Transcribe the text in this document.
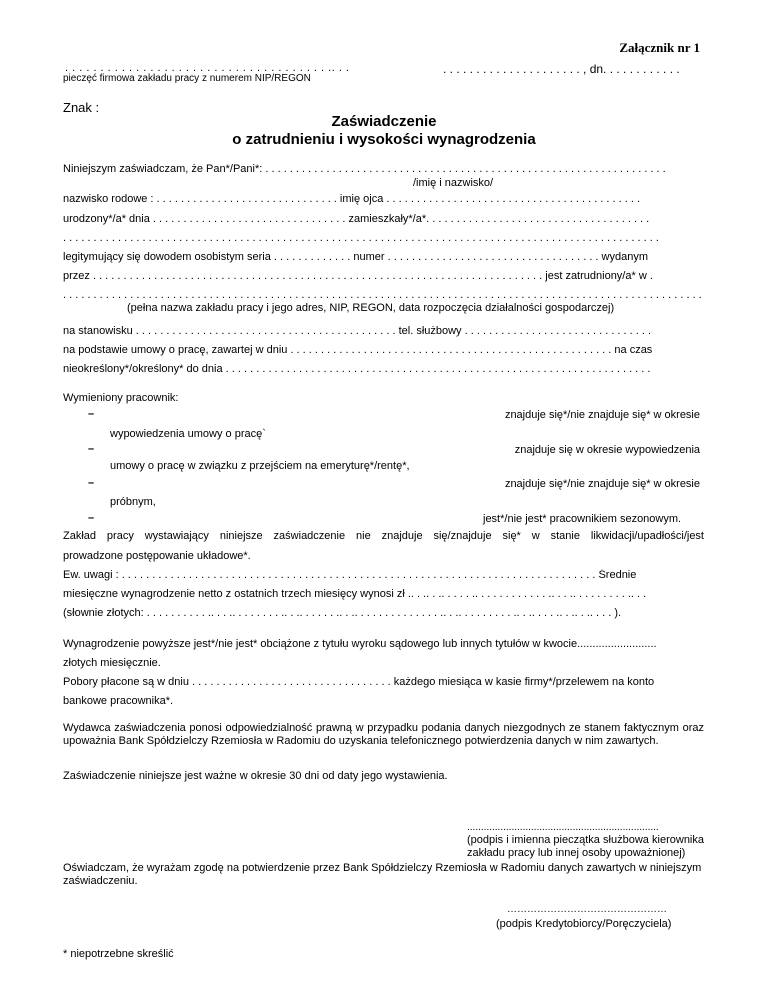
Załącznik nr 1
. . . . . . . . . . . . . . . . . . . . . . . . . . . . . . . . . . . . . .. . .
pieczęć firmowa zakładu pracy z numerem NIP/REGON
. . . . . . . . . . . . . . . . . . . . . , dn. . . . . . . . . . . .
Znak :
Zaświadczenie
o zatrudnieniu i wysokości wynagrodzenia
Niniejszym zaświadczam, że Pan*/Pani*: . . . . . . . . . . . . . . . . . . . . . . . . . . . . . . . . . . . . . . . . . . . . . . . . . . . . . . . . . . . . . . . . . .
/imię i nazwisko/
nazwisko rodowe : . . . . . . . . . . . . . . . . . . . . . . . . . . . . . . imię ojca . . . . . . . . . . . . . . . . . . . . . . . . . . . . . . . . . . . . . . . . . .
urodzony*/a* dnia . . . . . . . . . . . . . . . . . . . . . . . . . . . . . . . . zamieszkały*/a*. . . . . . . . . . . . . . . . . . . . . . . . . . . . . . . . . . . . .
. . . . . . . . . . . . . . . . . . . . . . . . . . . . . . . . . . . . . . . . . . . . . . . . . . . . . . . . . . . . . . . . . . . . . . . . . . . . . . . . . . . . . . . . . . . . . . . . . .
legitymujący się dowodem osobistym seria . . . . . . . . . . . . . numer . . . . . . . . . . . . . . . . . . . . . . . . . . . . . . . . . . . wydanym
przez . . . . . . . . . . . . . . . . . . . . . . . . . . . . . . . . . . . . . . . . . . . . . . . . . . . . . . . . . . . . . . . . . . . . . . . . . . jest zatrudniony/a* w .
. . . . . . . . . . . . . . . . . . . . . . . . . . . . . . . . . . . . . . . . . . . . . . . . . . . . . . . . . . . . . . . . . . . . . . . . . . . . . . . . . . . . . . . . . . . . . . . . . . . . . . . . .
(pełna nazwa zakładu pracy i jego adres, NIP, REGON, data rozpoczęcia działalności gospodarczej)
na stanowisku . . . . . . . . . . . . . . . . . . . . . . . . . . . . . . . . . . . . . . . . . . . tel. służbowy . . . . . . . . . . . . . . . . . . . . . . . . . . . . . . .
na podstawie umowy o pracę, zawartej w dniu . . . . . . . . . . . . . . . . . . . . . . . . . . . . . . . . . . . . . . . . . . . . . . . . . . . . . na czas
nieokreślony*/określony* do dnia . . . . . . . . . . . . . . . . . . . . . . . . . . . . . . . . . . . . . . . . . . . . . . . . . . . . . . . . . . . . . . . . . . . . . .
Wymieniony pracownik:
–	znajduje się*/nie znajduje się* w okresie
wypowiedzenia umowy o pracę`
–	znajduje się w okresie wypowiedzenia
umowy o pracę w związku z przejściem na emeryturę*/rentę*,
–	znajduje się*/nie znajduje się* w okresie
próbnym,
–	jest*/nie jest* pracownikiem sezonowym.
Zakład pracy wystawiający niniejsze zaświadczenie nie znajduje się/znajduje się* w stanie likwidacji/upadłości/jest
prowadzone postępowanie układowe*.
Ew. uwagi : . . . . . . . . . . . . . . . . . . . . . . . . . . . . . . . . . . . . . . . . . . . . . . . . . . . . . . . . . . . . . . . . . . . . . . . . . . . . . . Średnie
miesięczne wynagrodzenie netto z ostatnich trzech miesięcy wynosi zł .. . .. . .. . . . . .. . . . . . . . . . . . .. . . .. . . . . . . . . .. . .
(słownie złotych: . . . . . . . . . . .. . . .. . . . . . . . .. . .. . . . . . .. . .. . . . . . . . . . . . . . .. . .. . . . . . . . . .. . .. . . . .. . .. . .. . . . ).
Wynagrodzenie powyższe jest*/nie jest* obciążone z tytułu wyroku sądowego lub innych tytułów w kwocie..........................
złotych miesięcznie.
Pobory płacone są w dniu . . . . . . . . . . . . . . . . . . . . . . . . . . . . . . . . . każdego miesiąca w kasie firmy*/przelewem na konto
bankowe pracownika*.
Wydawca zaświadczenia ponosi odpowiedzialność prawną w przypadku podania danych niezgodnych ze stanem faktycznym oraz upoważnia Bank Spółdzielczy Rzemiosła w Radomiu do uzyskania telefonicznego potwierdzenia danych w nim zawartych.
Zaświadczenie niniejsze jest ważne w okresie 30 dni od daty jego wystawienia.
.....................................................................
(podpis i imienna pieczątka służbowa kierownika zakładu pracy lub innej osoby upoważnionej)
Oświadczam, że wyrażam zgodę na potwierdzenie przez Bank Spółdzielczy Rzemiosła w Radomiu danych zawartych w niniejszym zaświadczeniu.
…………………………………………
(podpis Kredytobiorcy/Poręczyciela)
* niepotrzebne skreślić
